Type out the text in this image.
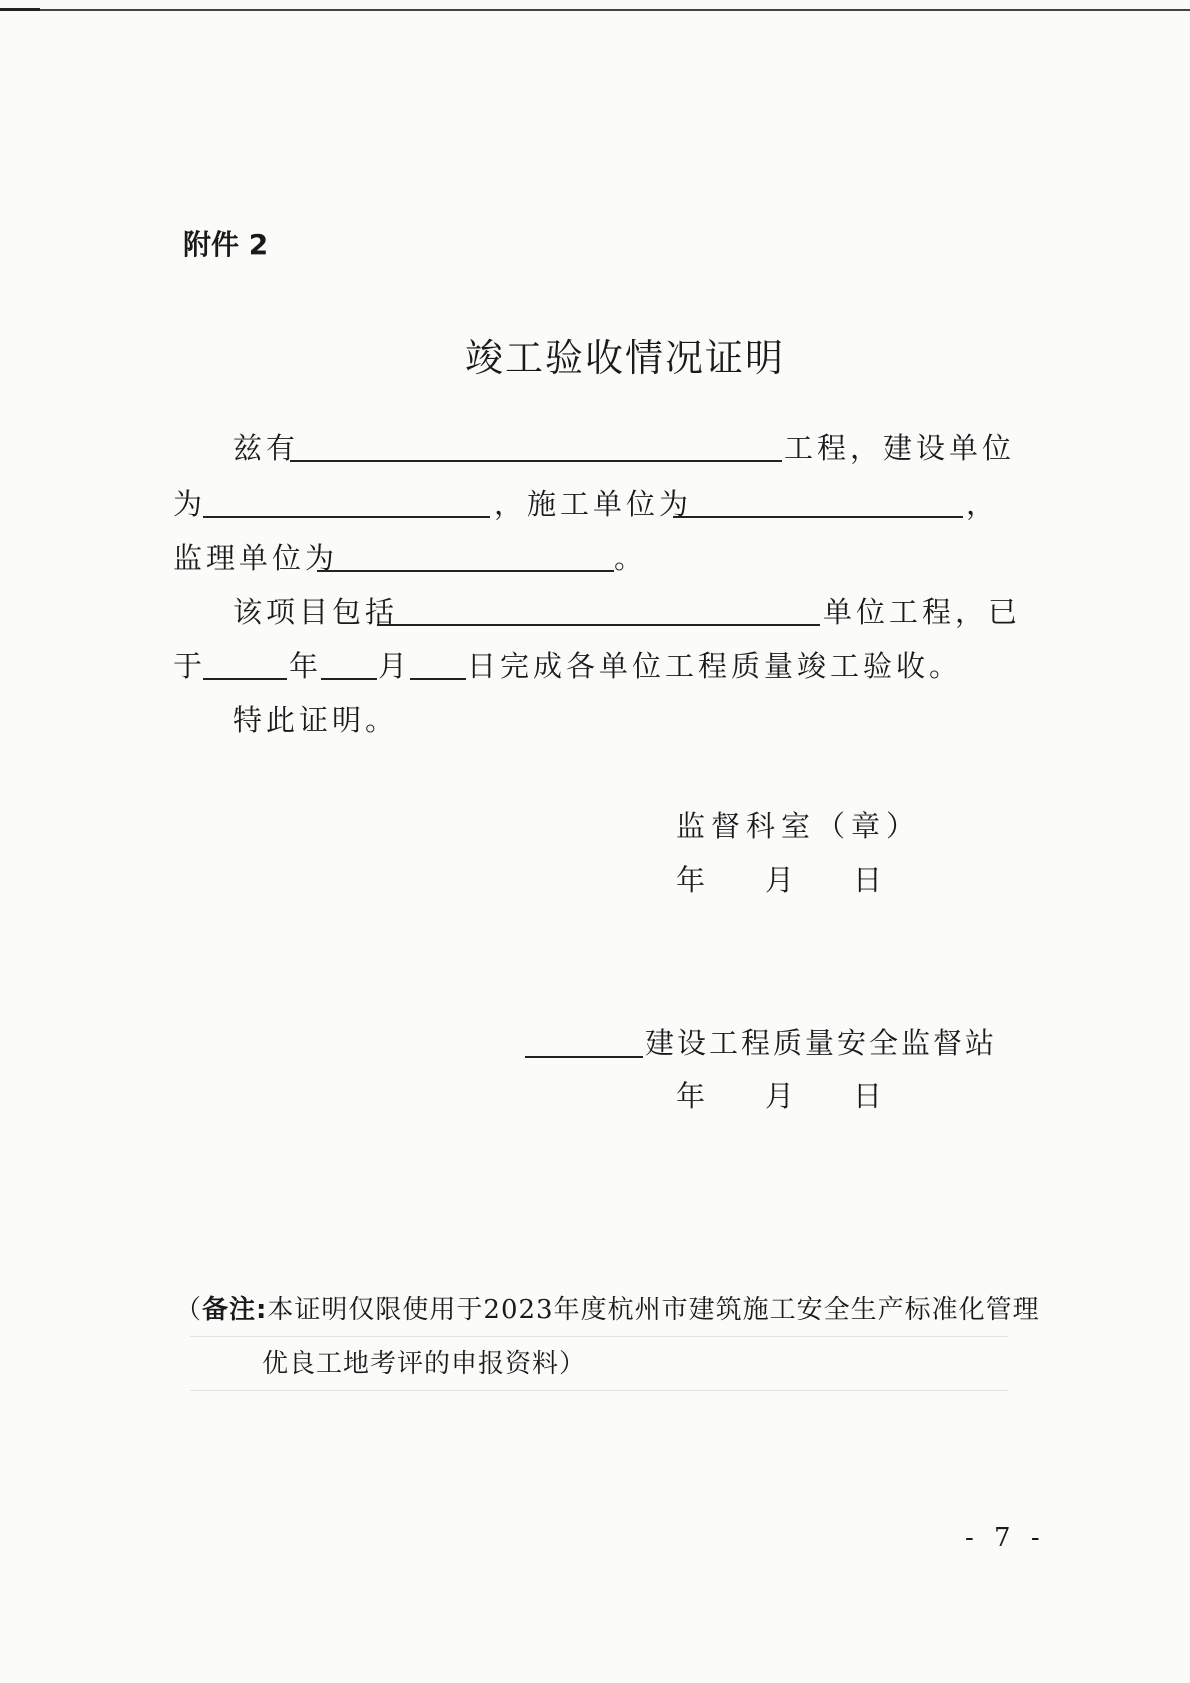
附件 2
竣工验收情况证明
兹有	工程，建设单位
为	，施工单位为	，
监理单位为	。
该项目包括	单位工程，已
于	年 月 日完成各单位工程质量竣工验收。
特此证明。
监督科室（章）
年 月 日
建设工程质量安全监督站
年 月 日
（备注:本证明仅限使用于2023年度杭州市建筑施工安全生产标准化管理
优良工地考评的申报资料）
- 7 -
